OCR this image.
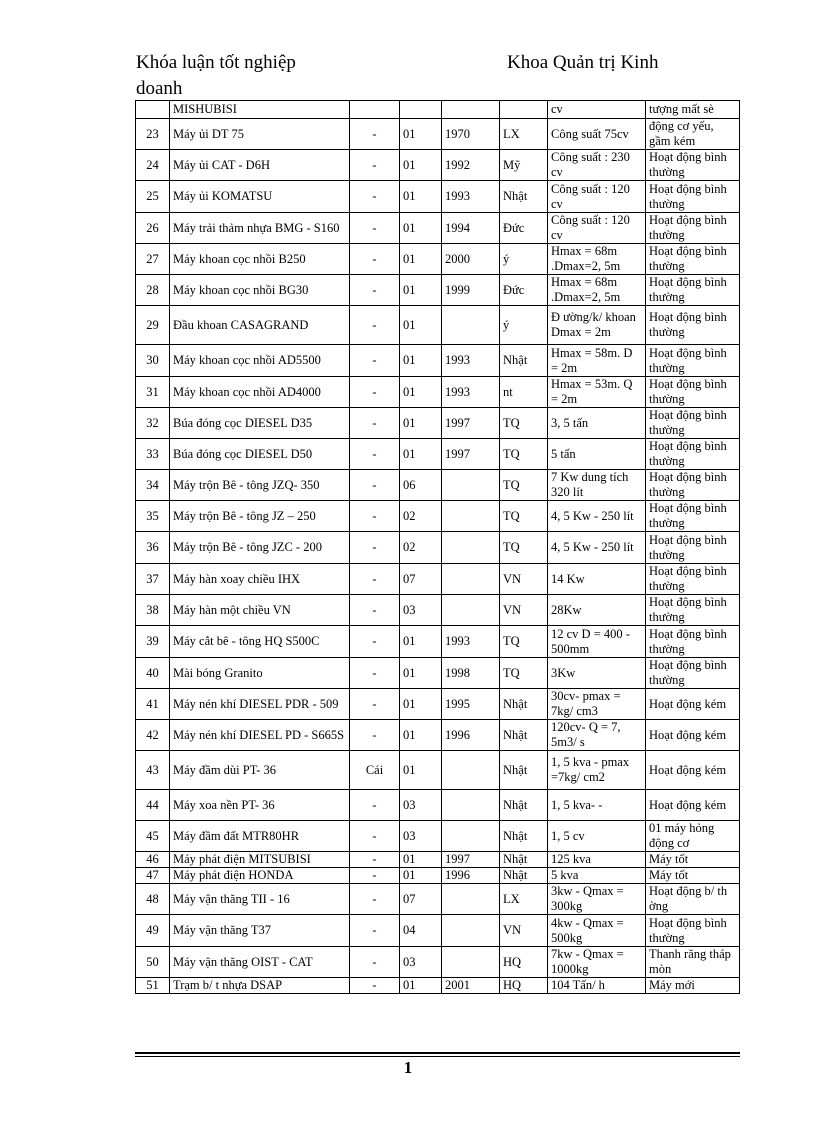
Khóa luận tốt nghiệp doanh
Khoa Quản trị Kinh
	MISHUBISI					cv	tượng mất sè
23	Máy ủi DT 75	-	01	1970	LX	Công suất 75cv	động cơ yếu, gầm kém
24	Máy ủi CAT - D6H	-	01	1992	Mỹ	Công suất : 230 cv	Hoạt động bình thường
25	Máy ủi KOMATSU	-	01	1993	Nhật	Công suất : 120 cv	Hoạt động bình thường
26	Máy trải thảm nhựa BMG - S160	-	01	1994	Đức	Công suất : 120 cv	Hoạt động bình thường
27	Máy khoan cọc nhồi B250	-	01	2000	ý	Hmax = 68m .Dmax=2, 5m	Hoạt động bình thường
28	Máy khoan cọc nhồi BG30	-	01	1999	Đức	Hmax = 68m .Dmax=2, 5m	Hoạt động bình thường
29	Đầu khoan CASAGRAND	-	01		ý	Đ ường/k/ khoan Dmax = 2m	Hoạt động bình thường
30	Máy khoan cọc nhồi AD5500	-	01	1993	Nhật	Hmax = 58m. D = 2m	Hoạt động bình thường
31	Máy khoan cọc nhồi AD4000	-	01	1993	nt	Hmax = 53m. Q = 2m	Hoạt động bình thường
32	Búa đóng cọc DIESEL D35	-	01	1997	TQ	3, 5 tấn	Hoạt động bình thường
33	Búa đóng cọc DIESEL D50	-	01	1997	TQ	5 tấn	Hoạt động bình thường
34	Máy trộn Bê - tông JZQ- 350	-	06		TQ	7 Kw dung tích 320 lít	Hoạt động bình thường
35	Máy trộn Bê - tông JZ – 250	-	02		TQ	4, 5 Kw - 250 lít	Hoạt động bình thường
36	Máy trộn Bê - tông JZC - 200	-	02		TQ	4, 5 Kw - 250 lít	Hoạt động bình thường
37	Máy hàn xoay chiều IHX	-	07		VN	14 Kw	Hoạt động bình thường
38	Máy hàn một chiều VN	-	03		VN	28Kw	Hoạt động bình thường
39	Máy cắt bê - tông HQ S500C	-	01	1993	TQ	12 cv D = 400 - 500mm	Hoạt động bình thường
40	Mài bóng Granito	-	01	1998	TQ	3Kw	Hoạt động bình thường
41	Máy nén khí DIESEL PDR - 509	-	01	1995	Nhật	30cv- pmax = 7kg/ cm3	Hoạt động kém
42	Máy nén khí DIESEL PD - S665S	-	01	1996	Nhật	120cv- Q = 7, 5m3/ s	Hoạt động kém
43	Máy đầm dùi PT- 36	Cái	01		Nhật	1, 5 kva - pmax =7kg/ cm2	Hoạt động kém
44	Máy xoa nền PT- 36	-	03		Nhật	1, 5 kva- -	Hoạt động kém
45	Máy đầm đất MTR80HR	-	03		Nhật	1, 5 cv	01 máy hỏng động cơ
46	Máy phát điện MITSUBISI	-	01	1997	Nhật	125 kva	Máy tốt
47	Máy phát điện HONDA	-	01	1996	Nhật	5 kva	Máy tốt
48	Máy vận thăng TII - 16	-	07		LX	3kw - Qmax = 300kg	Hoạt động b/ th ờng
49	Máy vận thăng T37	-	04		VN	4kw - Qmax = 500kg	Hoạt động bình thường
50	Máy vận thăng OIST - CAT	-	03		HQ	7kw - Qmax = 1000kg	Thanh răng tháp mòn
51	Trạm b/ t nhựa DSAP	-	01	2001	HQ	104 Tấn/ h	Máy mới
1
